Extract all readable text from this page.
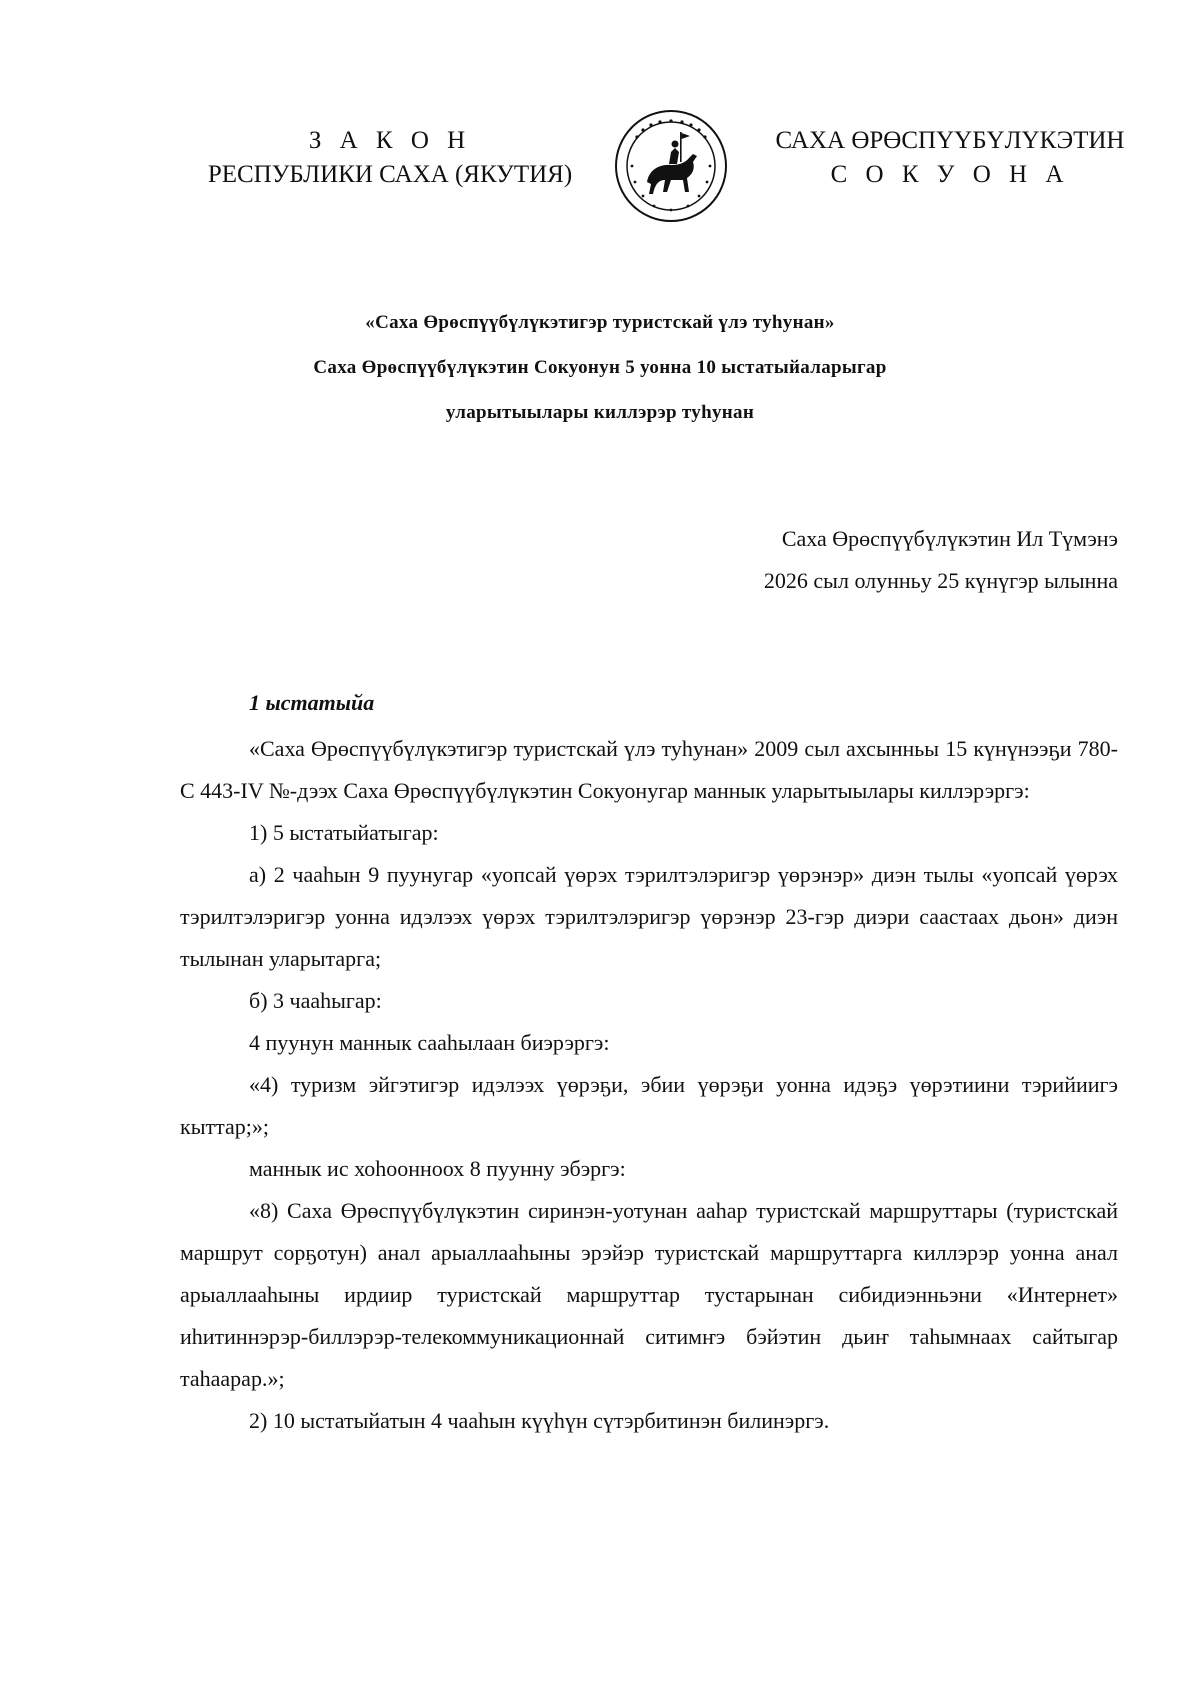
З А К О Н
РЕСПУБЛИКИ САХА (ЯКУТИЯ)
САХА ӨРӨСПYYБYЛYКЭТИН
С О К У О Н А
«Саха Өрөспүүбүлүкэтигэр туристскай үлэ туһунан»
Саха Өрөспүүбүлүкэтин Сокуонун 5 уонна 10 ыстатыйаларыгар
уларытыылары киллэрэр туһунан
Саха Өрөспүүбүлүкэтин Ил Түмэнэ
2026 сыл олунньу 25 күнүгэр ылынна
1 ыстатыйа

«Саха Өрөспүүбүлүкэтигэр туристскай үлэ туһунан» 2009 сыл ахсынньы 15 күнүнээҕи 780-С 443-IV №-дээх Саха Өрөспүүбүлүкэтин Сокуонугар маннык уларытыылары киллэрэргэ:

1) 5 ыстатыйатыгар:

а) 2 чааһын 9 пуунугар «уопсай үөрэх тэрилтэлэригэр үөрэнэр» диэн тылы «уопсай үөрэх тэрилтэлэригэр уонна идэлээх үөрэх тэрилтэлэригэр үөрэнэр 23-гэр диэри саастаах дьон» диэн тылынан уларытарга;

б) 3 чааһыгар:

4 пуунун маннык сааһылаан биэрэргэ:

«4) туризм эйгэтигэр идэлээх үөрэҕи, эбии үөрэҕи уонна идэҕэ үөрэтиини тэрийиигэ кыттар;»;

маннык ис хоһоонноох 8 пуунну эбэргэ:

«8) Саха Өрөспүүбүлүкэтин сиринэн-уотунан ааһар туристскай маршруттары (туристскай маршрут сорҕотун) анал арыаллааһыны эрэйэр туристскай маршруттарга киллэрэр уонна анал арыаллааһыны ирдиир туристскай маршруттар тустарынан сибидиэнньэни «Интернет» иһитиннэрэр-биллэрэр-телекоммуникационнай ситимҥэ бэйэтин дьиҥ таһымнаах сайтыгар таһаарар.»;

2) 10 ыстатыйатын 4 чааһын күүһүн сүтэрбитинэн билинэргэ.
